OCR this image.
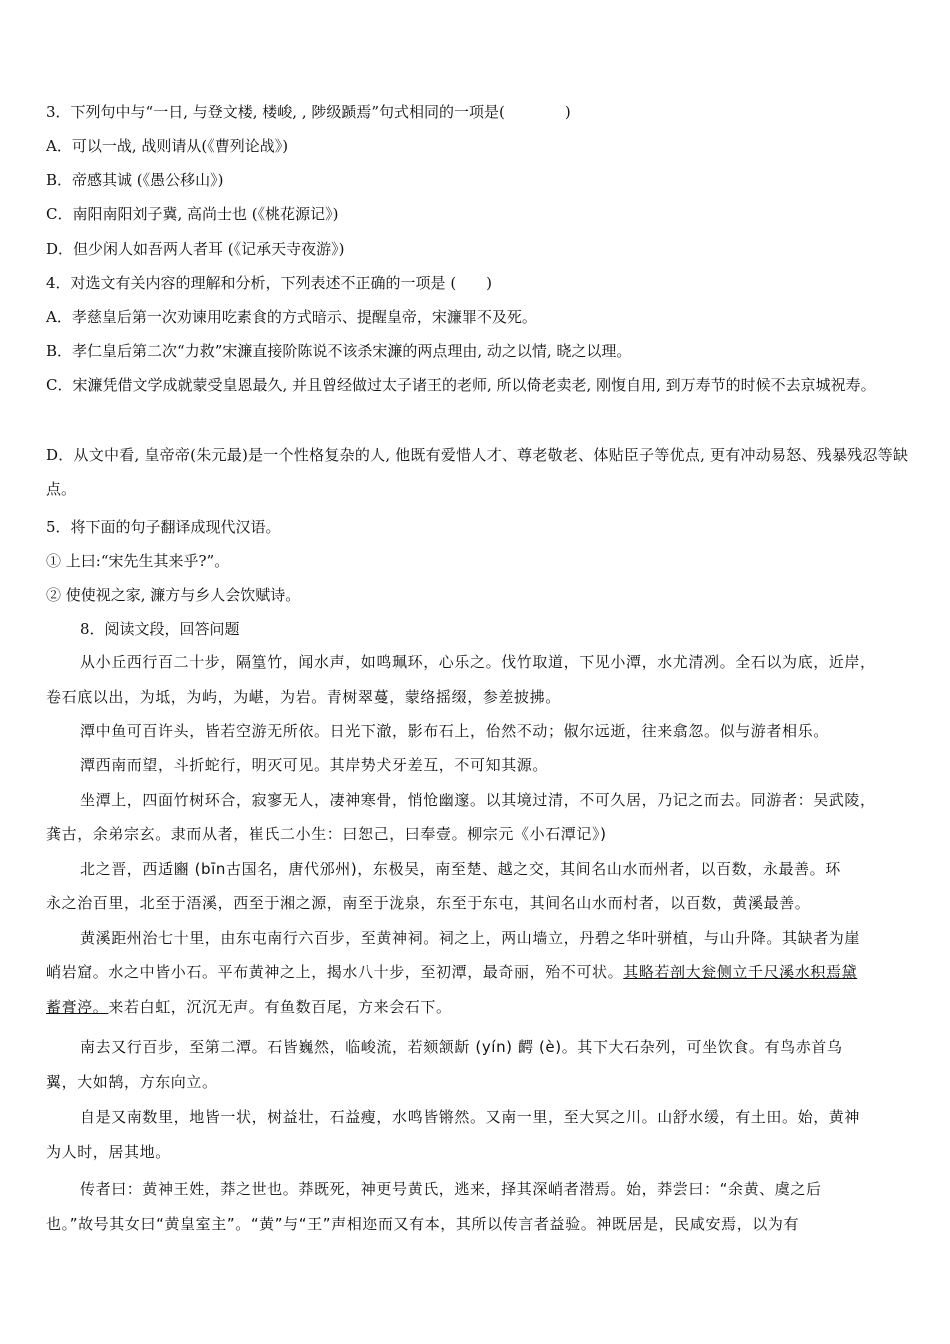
3．下列句中与“一日, 与登文楼, 楼峻, , 陟级踬焉”句式相同的一项是(　　　　)
A．可以一战, 战则请从(《曹列论战》)
B．帝感其诚 (《愚公移山》)
C．南阳南阳刘子冀, 高尚士也 (《桃花源记》)
D．但少闲人如吾两人者耳 (《记承天寺夜游》)
4．对选文有关内容的理解和分析，下列表述不正确的一项是 (　　)
A．孝慈皇后第一次劝谏用吃素食的方式暗示、提醒皇帝，宋濂罪不及死。
B．孝仁皇后第二次“力救”宋濂直接阶陈说不该杀宋濂的两点理由, 动之以情, 晓之以理。
C．宋濂凭借文学成就蒙受皇恩最久, 并且曾经做过太子诸王的老师, 所以倚老卖老, 刚愎自用, 到万寿节的时候不去京城祝寿。
D．从文中看, 皇帝帝(朱元最)是一个性格复杂的人, 他既有爱惜人才、尊老敬老、体贴臣子等优点, 更有冲动易怒、残暴残忍等缺点。
5．将下面的句子翻译成现代汉语。
① 上曰:“宋先生其来乎?”。
② 使使视之家, 濂方与乡人会饮赋诗。
8．阅读文段，回答问题
从小丘西行百二十步，隔篁竹，闻水声，如鸣珮环，心乐之。伐竹取道，下见小潭，水尤清冽。全石以为底，近岸，
卷石底以出，为坻，为屿，为嵁，为岩。青树翠蔓，蒙络摇缀，参差披拂。
潭中鱼可百许头，皆若空游无所依。日光下澈，影布石上，佁然不动；俶尔远逝，往来翕忽。似与游者相乐。
潭西南而望，斗折蛇行，明灭可见。其岸势犬牙差互，不可知其源。
坐潭上，四面竹树环合，寂寥无人，凄神寒骨，悄怆幽邃。以其境过清，不可久居，乃记之而去。同游者：吴武陵，
龚古，余弟宗玄。隶而从者，崔氏二小生：曰恕己，曰奉壹。柳宗元《小石潭记》)
北之晋，西适豳 (bīn古国名，唐代邠州)，东极吴，南至楚、越之交，其间名山水而州者，以百数，永最善。环
永之治百里，北至于浯溪，西至于湘之源，南至于泷泉，东至于东屯，其间名山水而村者，以百数，黄溪最善。
黄溪距州治七十里，由东屯南行六百步，至黄神祠。祠之上，两山墙立，丹碧之华叶骈植，与山升降。其缺者为崖
峭岩窟。水之中皆小石。平布黄神之上，揭水八十步，至初潭，最奇丽，殆不可状。其略若剖大瓮侧立千尺溪水积焉黛
蓄膏渟。来若白虹，沉沉无声。有鱼数百尾，方来会石下。
南去又行百步，至第二潭。石皆巍然，临峻流，若颏颔龂 (yín) 齶 (è)。其下大石杂列，可坐饮食。有鸟赤首乌
翼，大如鹄，方东向立。
自是又南数里，地皆一状，树益壮，石益瘦，水鸣皆锵然。又南一里，至大冥之川。山舒水缓，有土田。始，黄神
为人时，居其地。
传者曰：黄神王姓，莽之世也。莽既死，神更号黄氏，逃来，择其深峭者潜焉。始，莽尝曰：“余黄、虞之后
也。”故号其女曰“黄皇室主”。“黄”与“王”声相迩而又有本，其所以传言者益验。神既居是，民咸安焉，以为有
